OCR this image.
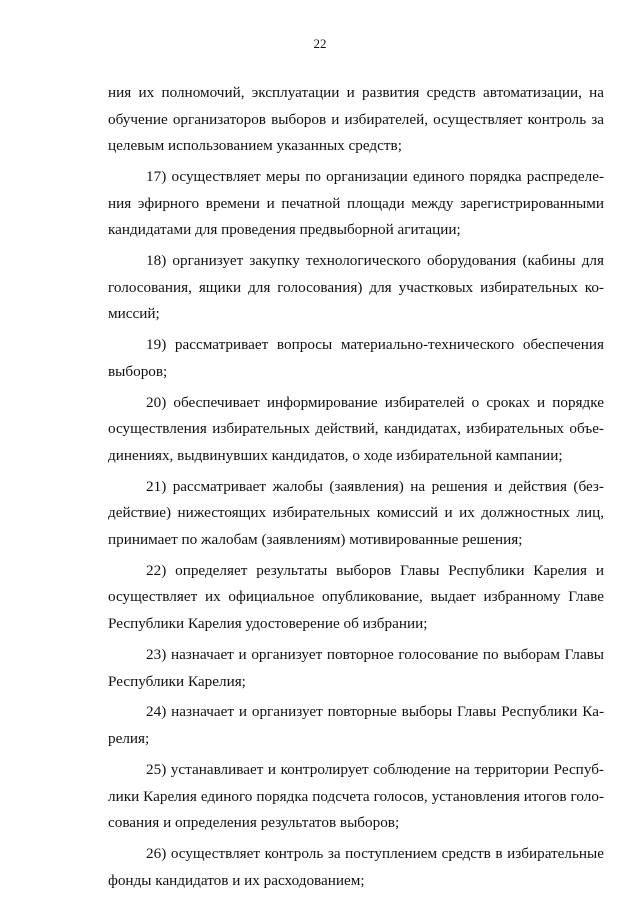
22
ния их полномочий, эксплуатации и развития средств автоматизации, на
обучение организаторов выборов и избирателей, осуществляет контроль за
целевым использованием указанных средств;
17) осуществляет меры по организации единого порядка распределе-
ния эфирного времени и печатной площади между зарегистрированными
кандидатами для проведения предвыборной агитации;
18) организует закупку технологического оборудования (кабины для
голосования, ящики для голосования) для участковых избирательных ко-
миссий;
19) рассматривает вопросы материально-технического обеспечения
выборов;
20) обеспечивает информирование избирателей о сроках и порядке
осуществления избирательных действий, кандидатах, избирательных объе-
динениях, выдвинувших кандидатов, о ходе избирательной кампании;
21) рассматривает жалобы (заявления) на решения и действия (без-
действие) нижестоящих избирательных комиссий и их должностных лиц,
принимает по жалобам (заявлениям) мотивированные решения;
22) определяет результаты выборов Главы Республики Карелия и
осуществляет их официальное опубликование, выдает избранному Главе
Республики Карелия удостоверение об избрании;
23) назначает и организует повторное голосование по выборам Главы
Республики Карелия;
24) назначает и организует повторные выборы Главы Республики Ка-
релия;
25) устанавливает и контролирует соблюдение на территории Респуб-
лики Карелия единого порядка подсчета голосов, установления итогов голо-
сования и определения результатов выборов;
26) осуществляет контроль за поступлением средств в избирательные
фонды кандидатов и их расходованием;
